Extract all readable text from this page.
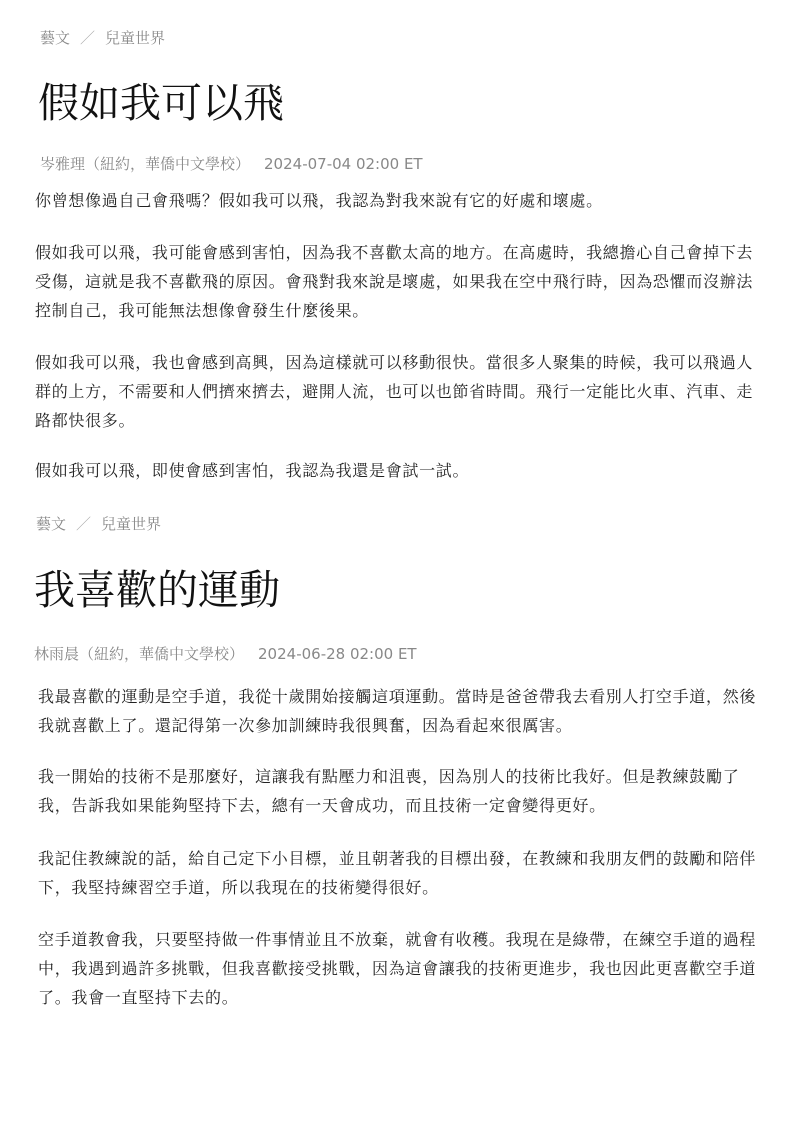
藝文 ／ 兒童世界
假如我可以飛
岑雅理（紐約，華僑中文學校） 2024-07-04 02:00 ET

你曾想像過自己會飛嗎？假如我可以飛，我認為對我來說有它的好處和壞處。

假如我可以飛，我可能會感到害怕，因為我不喜歡太高的地方。在高處時，我總擔心自己會掉下去受傷，這就是我不喜歡飛的原因。會飛對我來說是壞處，如果我在空中飛行時，因為恐懼而沒辦法控制自己，我可能無法想像會發生什麼後果。

假如我可以飛，我也會感到高興，因為這樣就可以移動很快。當很多人聚集的時候，我可以飛過人群的上方，不需要和人們擠來擠去，避開人流，也可以也節省時間。飛行一定能比火車、汽車、走路都快很多。

假如我可以飛，即使會感到害怕，我認為我還是會試一試。

藝文 ／ 兒童世界
我喜歡的運動
林雨晨（紐約，華僑中文學校） 2024-06-28 02:00 ET

我最喜歡的運動是空手道，我從十歲開始接觸這項運動。當時是爸爸帶我去看別人打空手道，然後我就喜歡上了。還記得第一次參加訓練時我很興奮，因為看起來很厲害。

我一開始的技術不是那麼好，這讓我有點壓力和沮喪，因為別人的技術比我好。但是教練鼓勵了我，告訴我如果能夠堅持下去，總有一天會成功，而且技術一定會變得更好。

我記住教練說的話，給自己定下小目標，並且朝著我的目標出發，在教練和我朋友們的鼓勵和陪伴下，我堅持練習空手道，所以我現在的技術變得很好。

空手道教會我，只要堅持做一件事情並且不放棄，就會有收穫。我現在是綠帶，在練空手道的過程中，我遇到過許多挑戰，但我喜歡接受挑戰，因為這會讓我的技術更進步，我也因此更喜歡空手道了。我會一直堅持下去的。
